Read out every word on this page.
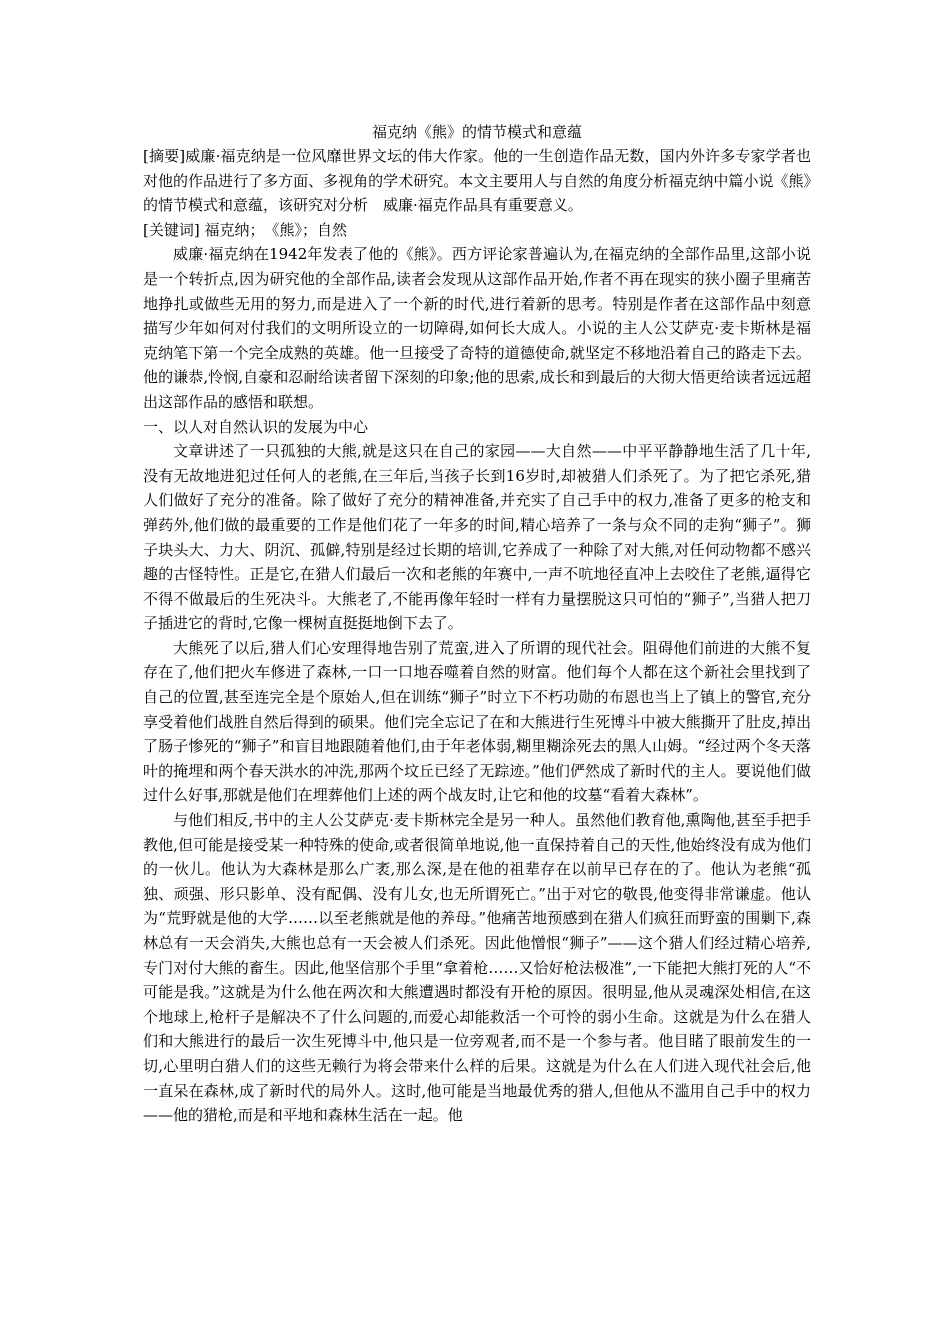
福克纳《熊》的情节模式和意蕴

[摘要]威廉·福克纳是一位风靡世界文坛的伟大作家。他的一生创造作品无数，国内外许多专家学者也对他的作品进行了多方面、多视角的学术研究。本文主要用人与自然的角度分析福克纳中篇小说《熊》的情节模式和意蕴，该研究对分析　威廉·福克作品具有重要意义。

[关键词] 福克纳；　《熊》；自然

威廉·福克纳在1942年发表了他的《熊》。西方评论家普遍认为,在福克纳的全部作品里,这部小说是一个转折点,因为研究他的全部作品,读者会发现从这部作品开始,作者不再在现实的狭小圈子里痛苦地挣扎或做些无用的努力,而是进入了一个新的时代,进行着新的思考。特别是作者在这部作品中刻意描写少年如何对付我们的文明所设立的一切障碍,如何长大成人。小说的主人公艾萨克·麦卡斯林是福克纳笔下第一个完全成熟的英雄。他一旦接受了奇特的道德使命,就坚定不移地沿着自己的路走下去。他的谦恭,怜悯,自豪和忍耐给读者留下深刻的印象;他的思索,成长和到最后的大彻大悟更给读者远远超出这部作品的感悟和联想。

一、以人对自然认识的发展为中心

文章讲述了一只孤独的大熊,就是这只在自己的家园——大自然——中平平静静地生活了几十年,没有无故地进犯过任何人的老熊,在三年后,当孩子长到16岁时,却被猎人们杀死了。为了把它杀死,猎人们做好了充分的准备。除了做好了充分的精神准备,并充实了自己手中的权力,准备了更多的枪支和弹药外,他们做的最重要的工作是他们花了一年多的时间,精心培养了一条与众不同的走狗“狮子”。狮子块头大、力大、阴沉、孤僻,特别是经过长期的培训,它养成了一种除了对大熊,对任何动物都不感兴趣的古怪特性。正是它,在猎人们最后一次和老熊的年赛中,一声不吭地径直冲上去咬住了老熊,逼得它不得不做最后的生死决斗。大熊老了,不能再像年轻时一样有力量摆脱这只可怕的“狮子”,当猎人把刀子插进它的背时,它像一棵树直挺挺地倒下去了。

大熊死了以后,猎人们心安理得地告别了荒蛮,进入了所谓的现代社会。阻碍他们前进的大熊不复存在了,他们把火车修进了森林,一口一口地吞噬着自然的财富。他们每个人都在这个新社会里找到了自己的位置,甚至连完全是个原始人,但在训练“狮子”时立下不朽功勋的布恩也当上了镇上的警官,充分享受着他们战胜自然后得到的硕果。他们完全忘记了在和大熊进行生死博斗中被大熊撕开了肚皮,掉出了肠子惨死的“狮子”和盲目地跟随着他们,由于年老体弱,糊里糊涂死去的黑人山姆。“经过两个冬天落叶的掩埋和两个春天洪水的冲洗,那两个坟丘已经了无踪迹。”他们俨然成了新时代的主人。要说他们做过什么好事,那就是他们在埋葬他们上述的两个战友时,让它和他的坟墓“看着大森林”。

与他们相反,书中的主人公艾萨克·麦卡斯林完全是另一种人。虽然他们教育他,熏陶他,甚至手把手教他,但可能是接受某一种特殊的使命,或者很简单地说,他一直保持着自己的天性,他始终没有成为他们的一伙儿。他认为大森林是那么广袤,那么深,是在他的祖辈存在以前早已存在的了。他认为老熊“孤独、顽强、形只影单、没有配偶、没有儿女,也无所谓死亡。”出于对它的敬畏,他变得非常谦虚。他认为“荒野就是他的大学……以至老熊就是他的养母。”他痛苦地预感到在猎人们疯狂而野蛮的围剿下,森林总有一天会消失,大熊也总有一天会被人们杀死。因此他憎恨“狮子”——这个猎人们经过精心培养,专门对付大熊的畜生。因此,他坚信那个手里“拿着枪……又恰好枪法极准”,一下能把大熊打死的人“不可能是我。”这就是为什么他在两次和大熊遭遇时都没有开枪的原因。很明显,他从灵魂深处相信,在这个地球上,枪杆子是解决不了什么问题的,而爱心却能救活一个可怜的弱小生命。这就是为什么在猎人们和大熊进行的最后一次生死博斗中,他只是一位旁观者,而不是一个参与者。他目睹了眼前发生的一切,心里明白猎人们的这些无赖行为将会带来什么样的后果。这就是为什么在人们进入现代社会后,他一直呆在森林,成了新时代的局外人。这时,他可能是当地最优秀的猎人,但他从不滥用自己手中的权力——他的猎枪,而是和平地和森林生活在一起。他
